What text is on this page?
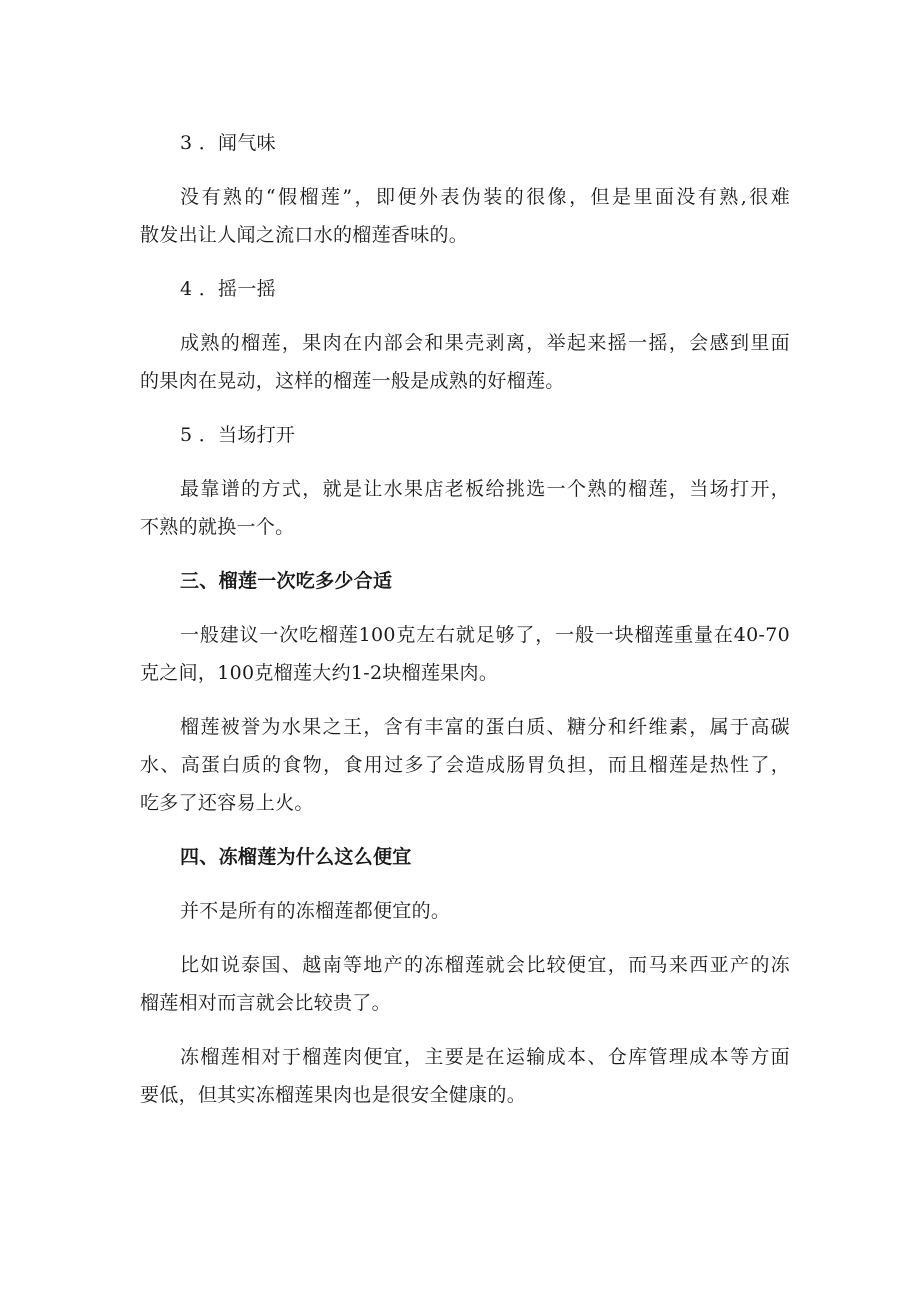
3 ．闻气味
没有熟的“假榴莲”，即便外表伪装的很像，但是里面没有熟,很难
散发出让人闻之流口水的榴莲香味的。
4 ．摇一摇
成熟的榴莲，果肉在内部会和果壳剥离，举起来摇一摇，会感到里面
的果肉在晃动，这样的榴莲一般是成熟的好榴莲。
5 ．当场打开
最靠谱的方式，就是让水果店老板给挑选一个熟的榴莲，当场打开，
不熟的就换一个。
三、榴莲一次吃多少合适
一般建议一次吃榴莲100克左右就足够了，一般一块榴莲重量在40-70
克之间，100克榴莲大约1-2块榴莲果肉。
榴莲被誉为水果之王，含有丰富的蛋白质、糖分和纤维素，属于高碳
水、高蛋白质的食物，食用过多了会造成肠胃负担，而且榴莲是热性了，
吃多了还容易上火。
四、冻榴莲为什么这么便宜
并不是所有的冻榴莲都便宜的。
比如说泰国、越南等地产的冻榴莲就会比较便宜，而马来西亚产的冻
榴莲相对而言就会比较贵了。
冻榴莲相对于榴莲肉便宜，主要是在运输成本、仓库管理成本等方面
要低，但其实冻榴莲果肉也是很安全健康的。
